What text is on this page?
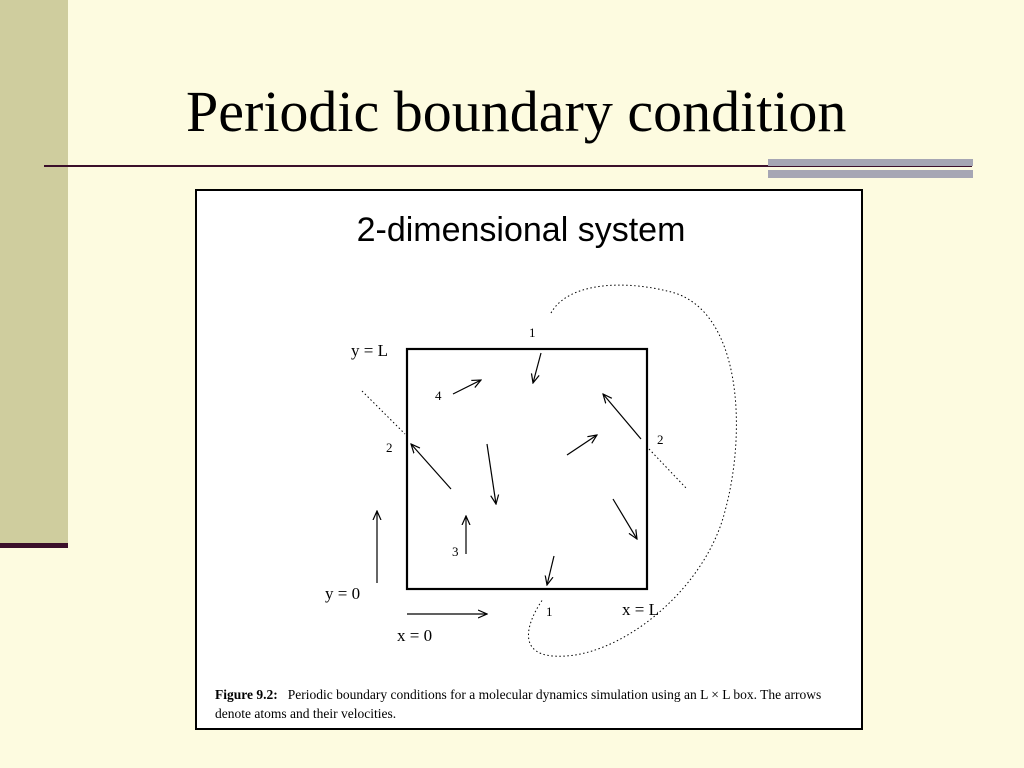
Periodic boundary condition
2-dimensional system
y = L
y = 0
x = 0
x = L
1
1
2
2
3
4
Figure 9.2: Periodic boundary conditions for a molecular dynamics simulation using an L × L box. The arrows denote atoms and their velocities.
